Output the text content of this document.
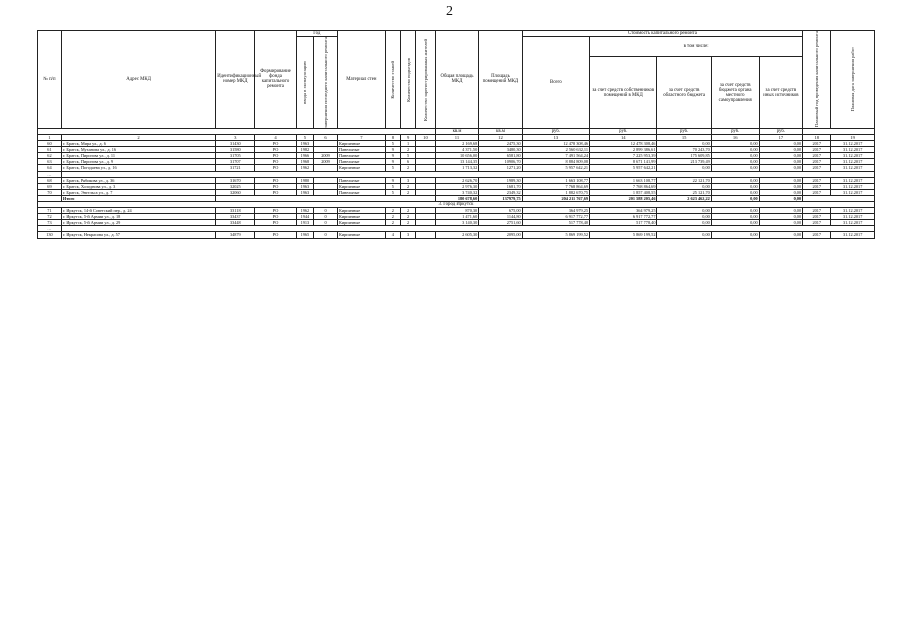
2
№ п/п	Адрес МКД	Идентификационный номер МКД	Формирование фонда капитального ремонта	Год		Материал стен	Количество этажей	Количество подъездов	Количество зарегистрированных жителей	Общая площадь МКД	Площадь помещений МКД	Стоимость капитального ремонта					Плановый год проведения капитального ремонта	Плановая дата завершения работ

				ввода в эксплуатацию	завершения последнего капитального ремонта							Всего	в том числе:					
													за счет средств собственников помещений в МКД	за счет средств областного бюджета	за счет средств бюджета органа местного самоуправления	за счет средств иных источников		
										кв.м	кв.м	руб.	руб.	руб.	руб.	руб.		
1	2	3	4	5	6	7	8	9	10	11	12	13	14	15	16	17	18	19
60	г. Братск, Мира ул., д. 6	31430	РО	1963		Кирпичные	5	1		2 169,68	2475,30	12 478 308,46	12 478 308,46	0,00	0,00	0,00	2017	31.12.2017
61	г. Братск, Муханова ул., д. 16	31580	РО	1982		Панельные	9	2		4 371,50	3480,30	2 560 632,11	2 899 386,61	70 243,70	0,00	0,00	2017	31.12.2017
62	г. Братск, Пирогова ул., д. 11	31705	РО	1966	2009	Панельные	9	5		10 656,00	6581,80	7 491 564,24	7 225 953,39	175 609,85	0,00	0,00	2017	31.12.2017
63	г. Братск, Пирогова ул., д. 9	31707	РО	1968	2009	Панельные	9	6		13 144,35	10906,70	8 884 809,08	8 671 141,99	213 739,49	0,00	0,00	2017	31.12.2017
64	г. Братск, Погодаева ул., д. 16	31721	РО	1962		Кирпичные	5	2		1 713,32	1271,20	5 957 642,21	5 957 642,21	0,00	0,00	0,00	2017	31.12.2017
…																		
68	г. Братск, Рябикова ул., д. 36	31670	РО	1980		Панельные	9	3		2 626,70	1989,30	1 663 108,77	1 663 108,77	22 121,70	0,00	0,00	2017	31.12.2017
69	г. Братск, Холоднова ул., д. 3	32025	РО	1963		Кирпичные	5	2		2 976,30	1681,70	7 768 864,69	7 768 864,69	0,00	0,00	0,00	2017	31.12.2017
70	г. Братск, Энгельса ул., д. 7	32060	РО	1963		Панельные	5	2		3 740,32	2349,32	1 882 670,75	1 857 408,55	25 121,70	0,00	0,00	2017	31.12.2017
	Итого									180 678,60	137979,75	204 211 767,69	201 588 205,46	2 623 462,22	0,00	0,00		
3. Город Иркутск																		
71	г. Иркутск, 14-й Советский пер., д. 24	33118	РО	1962	0	Кирпичные	2	2		870,30	675,00	364 979,25	364 979,25	0,00	0,00	0,00	2017	31.12.2017
72	г. Иркутск, 5-й Армии ул., д. 18	33437	РО	1944	0	Кирпичные	2	2		1 471,60	1144,80	6 917 772,77	6 917 772,77	0,00	0,00	0,00	2017	31.12.2017
73	г. Иркутск, 5-й Армии ул., д. 29	33448	РО	1913	0	Кирпичные	2	2		3 140,30	2751,60	517 778,40	517 778,40	0,00	0,00	0,00	2017	31.12.2017
…																		
130	г. Иркутск, Некрасова ул., д. 57	34879	РО	1965	0	Кирпичные	4	3		2 605,30	2095,00	5 869 199,52	5 869 199,52	0,00	0,00	0,00	2017	31.12.2017
